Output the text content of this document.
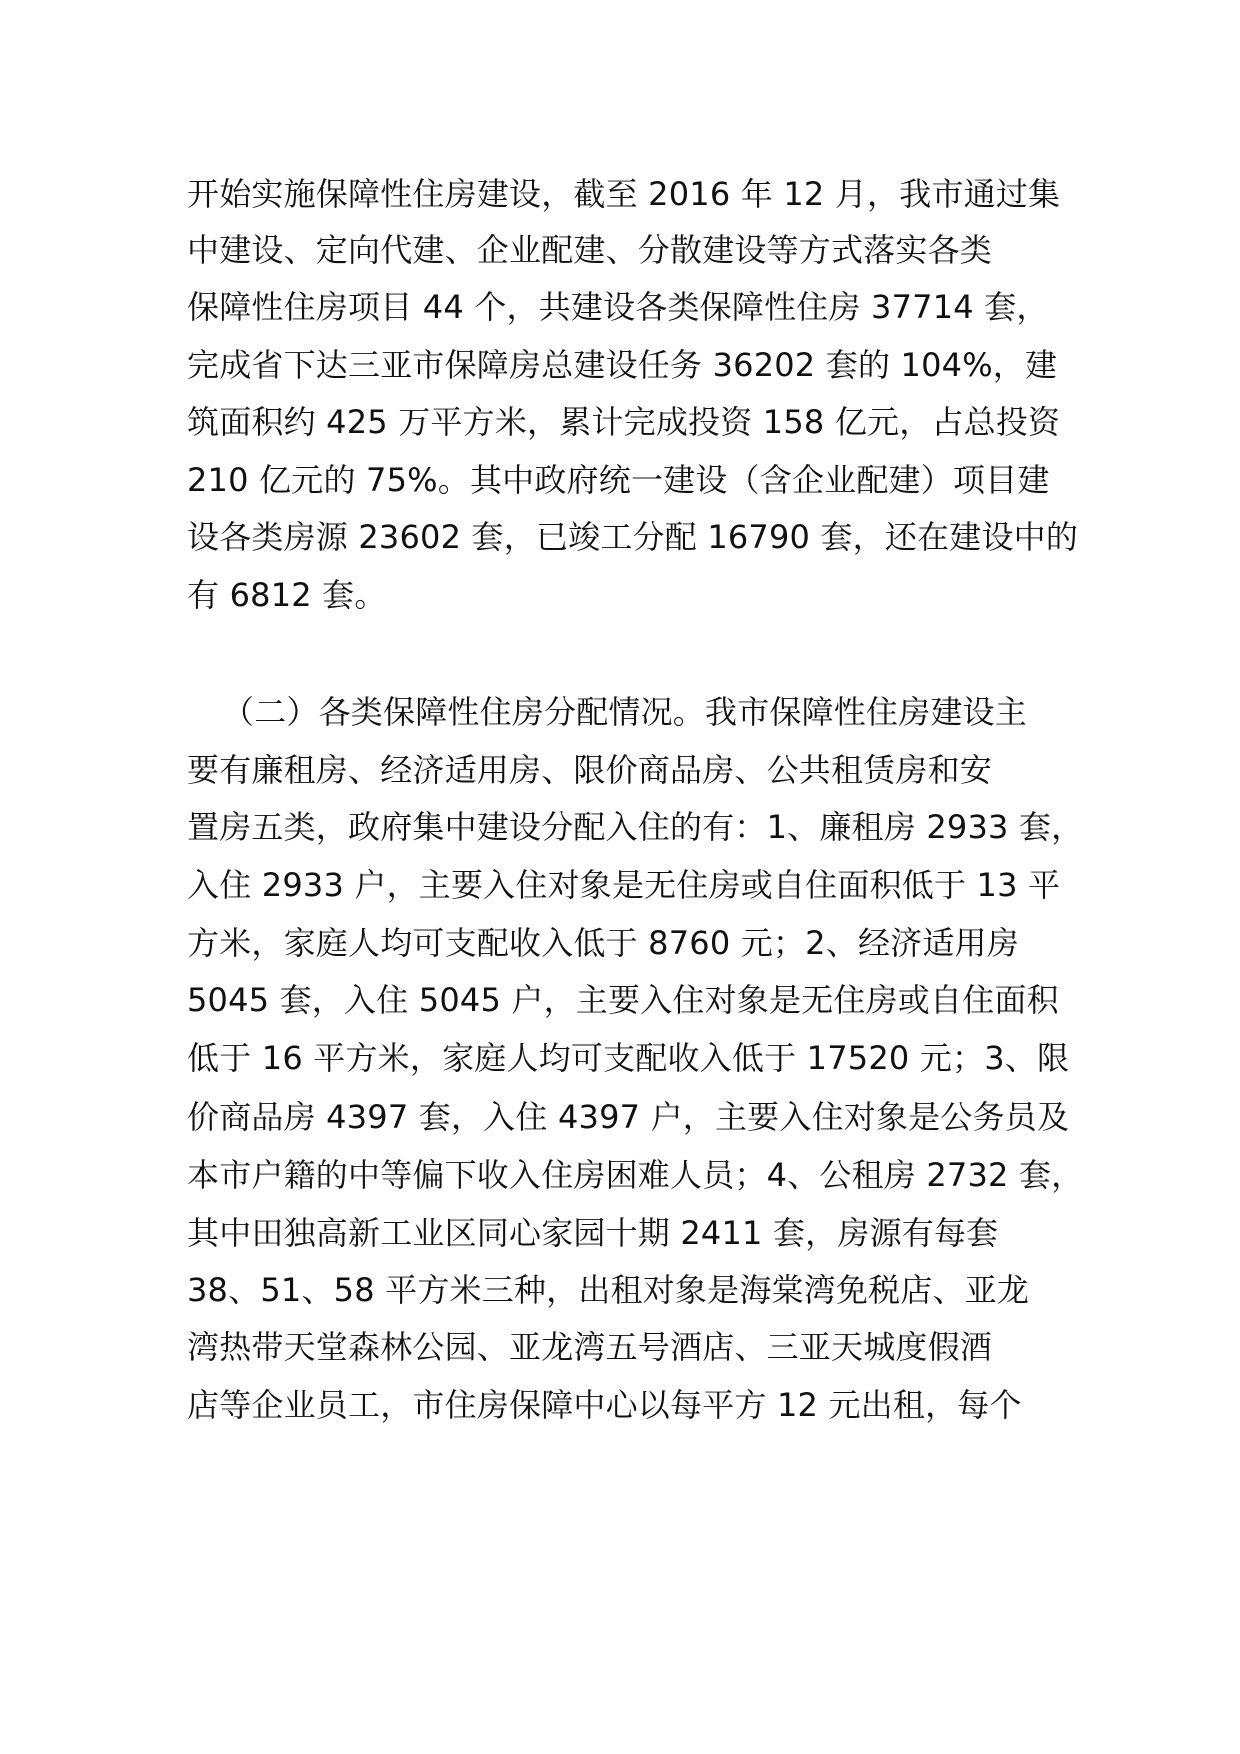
开始实施保障性住房建设，截至 2016 年 12 月，我市通过集
中建设、定向代建、企业配建、分散建设等方式落实各类
保障性住房项目 44 个，共建设各类保障性住房 37714 套，
完成省下达三亚市保障房总建设任务 36202 套的 104%，建
筑面积约 425 万平方米，累计完成投资 158 亿元，占总投资
210 亿元的 75%。其中政府统一建设（含企业配建）项目建
设各类房源 23602 套，已竣工分配 16790 套，还在建设中的
有 6812 套。
（二）各类保障性住房分配情况。我市保障性住房建设主
要有廉租房、经济适用房、限价商品房、公共租赁房和安
置房五类，政府集中建设分配入住的有：1、廉租房 2933 套，
入住 2933 户，主要入住对象是无住房或自住面积低于 13 平
方米，家庭人均可支配收入低于 8760 元；2、经济适用房
5045 套，入住 5045 户，主要入住对象是无住房或自住面积
低于 16 平方米，家庭人均可支配收入低于 17520 元；3、限
价商品房 4397 套，入住 4397 户，主要入住对象是公务员及
本市户籍的中等偏下收入住房困难人员；4、公租房 2732 套，
其中田独高新工业区同心家园十期 2411 套，房源有每套
38、51、58 平方米三种，出租对象是海棠湾免税店、亚龙
湾热带天堂森林公园、亚龙湾五号酒店、三亚天城度假酒
店等企业员工，市住房保障中心以每平方 12 元出租，每个
